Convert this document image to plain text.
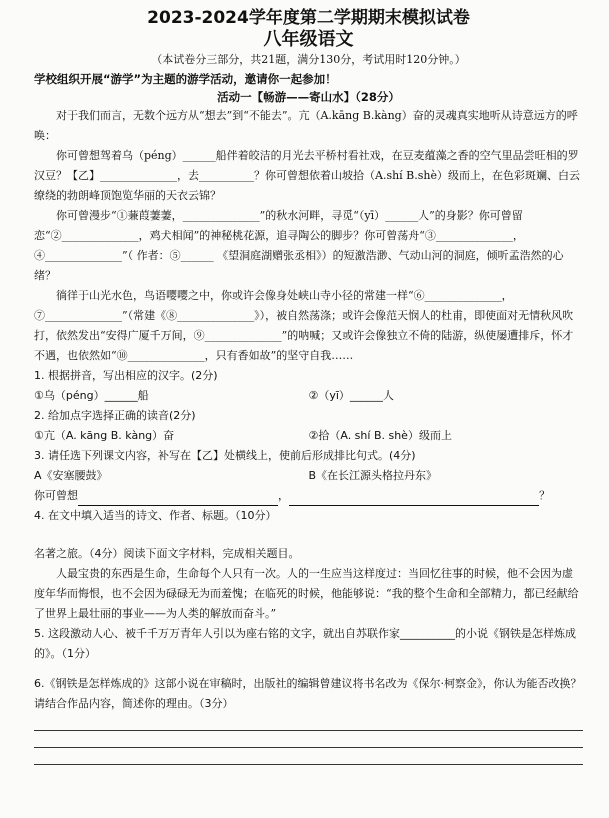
2023-2024学年度第二学期期末模拟试卷
八年级语文
（本试卷分三部分，共21题，满分130分，考试用时120分钟。）
学校组织开展“游学”为主题的游学活动，邀请你一起参加！
活动一【畅游——寄山水】（28分）

对于我们而言，无数个远方从“想去”到“不能去”。亢（A.kāng B.kàng）奋的灵魂真实地听从诗意远方的呼唤：

你可曾想驾着乌（péng）______船伴着皎洁的月光去平桥村看社戏，在豆麦蕴藻之香的空气里品尝旺相的罗汉豆？【乙】______________，去__________？你可曾想依着山坡拾（A.shí B.shè）级而上，在色彩斑斓、白云缭绕的勃朗峰顶饱览华丽的天衣云锦？

你可曾漫步“①蒹葭萋萋，______________”的秋水河畔，寻觅“（yī）______人”的身影？你可曾留恋“②______________，鸡犬相闻”的神秘桃花源，追寻陶公的脚步？你可曾荡舟“③______________，④______________”（ 作者：⑤______ 《望洞庭湖赠张丞相》）的短激浩渺、气动山河的洞庭，倾听孟浩然的心绪？

徜徉于山光水色，鸟语嘤嘤之中，你或许会像身处峡山寺小径的常建一样“⑥______________，⑦______________”（常建《⑧______________》），被自然荡涤；或许会像范天悯人的杜甫，即使面对无情秋风吹打，依然发出“安得广厦千万间，⑨______________”的呐喊；又或许会像独立不倚的陆游，纵使屡遭排斥，怀才不遇，也依然如“⑩______________，只有香如故”的坚守自我……

1. 根据拼音，写出相应的汉字。(2分)
①乌（péng）______船	②（yī）______人
2. 给加点字选择正确的读音(2分)
①亢（A. kāng B. kàng）奋	②拾（A. shí B. shè）级而上
3. 请任选下列课文内容，补写在【乙】处横线上，使前后形成排比句式。(4分)
A《安塞腰鼓》	B《在长江源头格拉丹东》
你可曾想	，	？
4. 在文中填入适当的诗文、作者、标题。（10分）
名著之旅。（4分）阅读下面文字材料，完成相关题目。

人最宝贵的东西是生命，生命每个人只有一次。人的一生应当这样度过：当回忆往事的时候，他不会因为虚度年华而悔恨，也不会因为碌碌无为而羞愧；在临死的时候，他能够说：“我的整个生命和全部精力，都已经献给了世界上最壮丽的事业——为人类的解放而奋斗。”

5. 这段激动人心、被千千万万青年人引以为座右铭的文字，就出自苏联作家__________的小说《钢铁是怎样炼成的》。（1分）
6.《钢铁是怎样炼成的》这部小说在审稿时，出版社的编辑曾建议将书名改为《保尔·柯察金》，你认为能否改换？请结合作品内容，简述你的理由。（3分）
